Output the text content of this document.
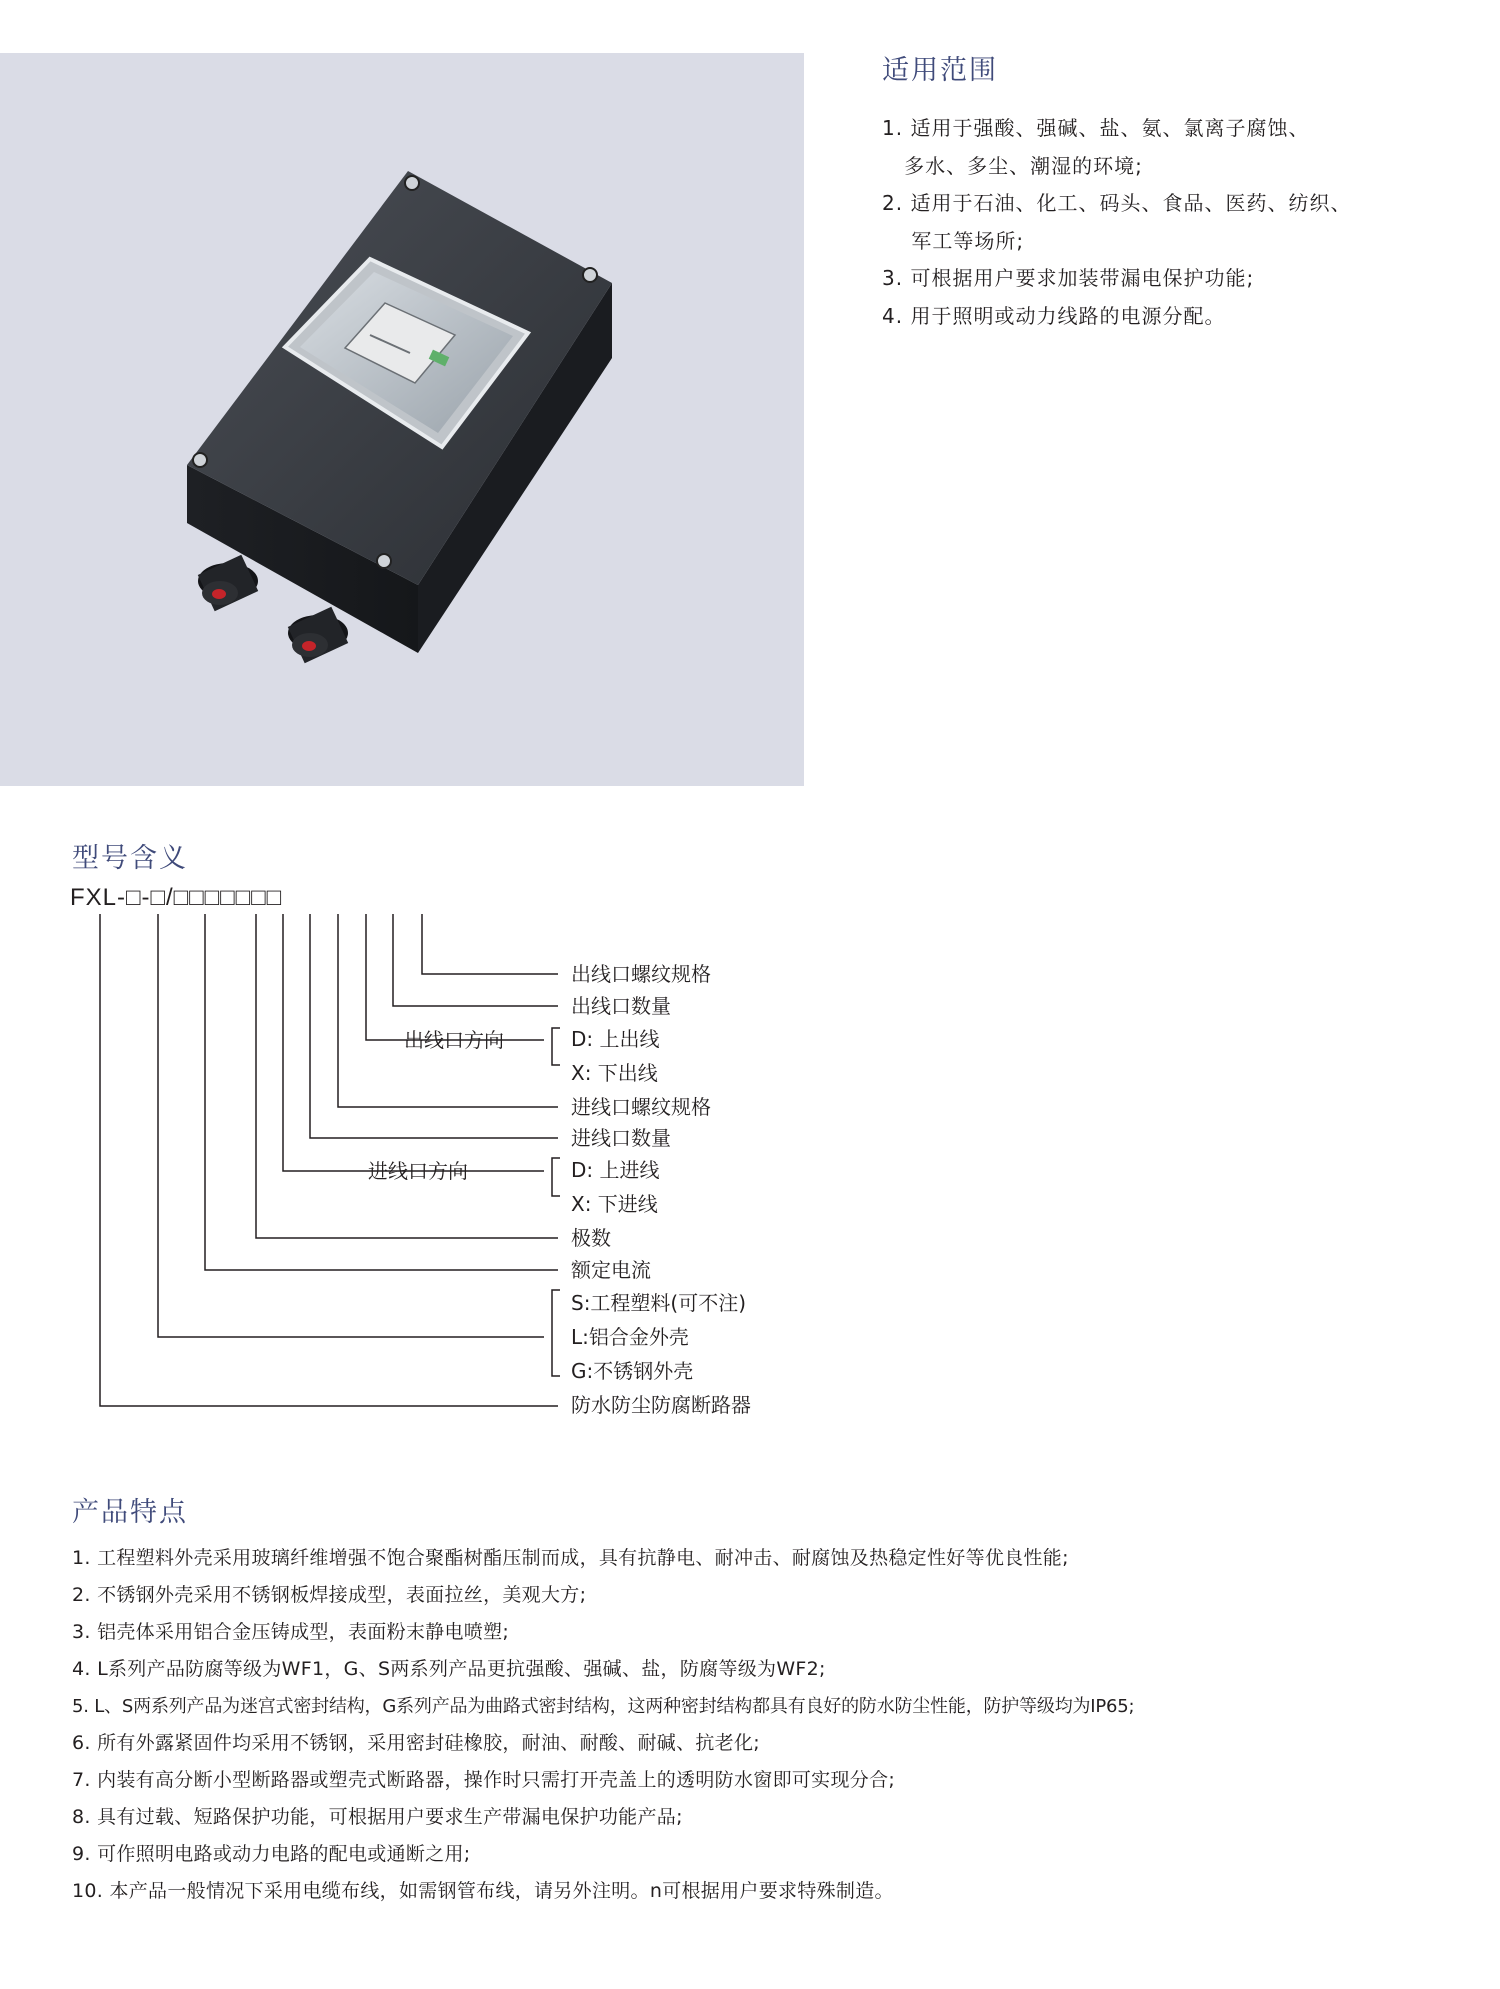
适用范围
1. 适用于强酸、强碱、盐、氨、氯离子腐蚀、
多水、多尘、潮湿的环境;
2. 适用于石油、化工、码头、食品、医药、纺织、
军工等场所;
3. 可根据用户要求加装带漏电保护功能;
4. 用于照明或动力线路的电源分配。
型号含义
FXL-□-□/□□□□□□□
出线口螺纹规格
出线口数量
出线口方向	D: 上出线
X: 下出线
进线口螺纹规格
进线口数量
进线口方向	D: 上进线
X: 下进线
极数
额定电流
S:工程塑料(可不注)
L:铝合金外壳
G:不锈钢外壳
防水防尘防腐断路器
产品特点
1. 工程塑料外壳采用玻璃纤维增强不饱合聚酯树酯压制而成，具有抗静电、耐冲击、耐腐蚀及热稳定性好等优良性能;
2. 不锈钢外壳采用不锈钢板焊接成型，表面拉丝，美观大方;
3. 铝壳体采用铝合金压铸成型，表面粉末静电喷塑;
4. L系列产品防腐等级为WF1，G、S两系列产品更抗强酸、强碱、盐，防腐等级为WF2;
5. L、S两系列产品为迷宫式密封结构，G系列产品为曲路式密封结构，这两种密封结构都具有良好的防水防尘性能，防护等级均为IP65;
6. 所有外露紧固件均采用不锈钢，采用密封硅橡胶，耐油、耐酸、耐碱、抗老化;
7. 内装有高分断小型断路器或塑壳式断路器，操作时只需打开壳盖上的透明防水窗即可实现分合;
8. 具有过载、短路保护功能，可根据用户要求生产带漏电保护功能产品;
9. 可作照明电路或动力电路的配电或通断之用;
10. 本产品一般情况下采用电缆布线，如需钢管布线，请另外注明。n可根据用户要求特殊制造。
